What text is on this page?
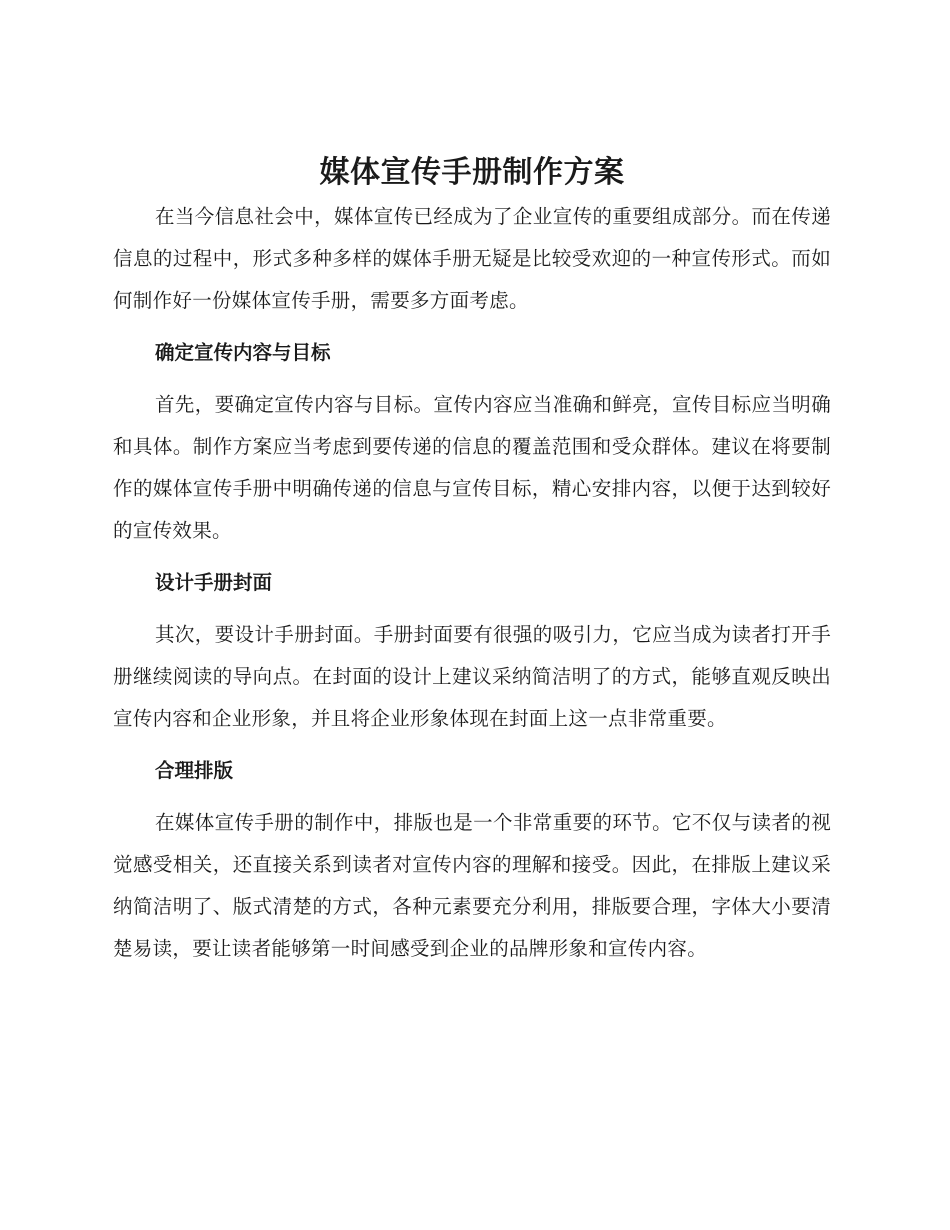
媒体宣传手册制作方案

在当今信息社会中，媒体宣传已经成为了企业宣传的重要组成部分。而在传递信息的过程中，形式多种多样的媒体手册无疑是比较受欢迎的一种宣传形式。而如何制作好一份媒体宣传手册，需要多方面考虑。

确定宣传内容与目标

首先，要确定宣传内容与目标。宣传内容应当准确和鲜亮，宣传目标应当明确和具体。制作方案应当考虑到要传递的信息的覆盖范围和受众群体。建议在将要制作的媒体宣传手册中明确传递的信息与宣传目标，精心安排内容，以便于达到较好的宣传效果。

设计手册封面

其次，要设计手册封面。手册封面要有很强的吸引力，它应当成为读者打开手册继续阅读的导向点。在封面的设计上建议采纳简洁明了的方式，能够直观反映出宣传内容和企业形象，并且将企业形象体现在封面上这一点非常重要。

合理排版

在媒体宣传手册的制作中，排版也是一个非常重要的环节。它不仅与读者的视觉感受相关，还直接关系到读者对宣传内容的理解和接受。因此，在排版上建议采纳简洁明了、版式清楚的方式，各种元素要充分利用，排版要合理，字体大小要清楚易读，要让读者能够第一时间感受到企业的品牌形象和宣传内容。
